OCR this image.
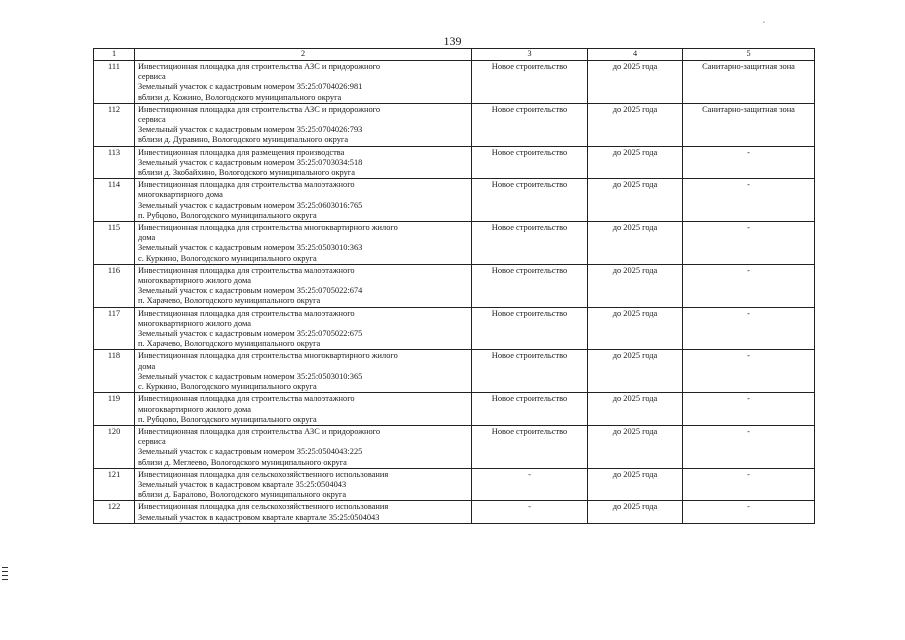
•
139
1	2	3	4	5
111	Инвестиционная площадка для строительства АЗС и придорожного
сервиса
Земельный участок с кадастровым номером 35:25:0704026:981
вблизи д. Кожино, Вологодского муниципального округа	Новое строительство	до 2025 года	Санитарно-защитная зона
112	Инвестиционная площадка для строительства АЗС и придорожного
сервиса
Земельный участок с кадастровым номером 35:25:0704026:793
вблизи д. Дуравино, Вологодского муниципального округа	Новое строительство	до 2025 года	Санитарно-защитная зона
113	Инвестиционная площадка для размещения производства
Земельный участок с кадастровым номером 35:25:0703034:518
вблизи д. Зкобайхино, Вологодского муниципального округа	Новое строительство	до 2025 года	-
114	Инвестиционная площадка для строительства малоэтажного
многоквартирного дома
Земельный участок с кадастровым номером 35:25:0603016:765
п. Рубцово, Вологодского муниципального округа	Новое строительство	до 2025 года	-
115	Инвестиционная площадка для строительства многоквартирного жилого
дома
Земельный участок с кадастровым номером 35:25:0503010:363
с. Куркино, Вологодского муниципального округа	Новое строительство	до 2025 года	-
116	Инвестиционная площадка для строительства малоэтажного
многоквартирного жилого дома
Земельный участок с кадастровым номером 35:25:0705022:674
п. Харачево, Вологодского муниципального округа	Новое строительство	до 2025 года	-
117	Инвестиционная площадка для строительства малоэтажного
многоквартирного жилого дома
Земельный участок с кадастровым номером 35:25:0705022:675
п. Харачево, Вологодского муниципального округа	Новое строительство	до 2025 года	-
118	Инвестиционная площадка для строительства многоквартирного жилого
дома
Земельный участок с кадастровым номером 35:25:0503010:365
с. Куркино, Вологодского муниципального округа	Новое строительство	до 2025 года	-
119	Инвестиционная площадка для строительства малоэтажного
многоквартирного жилого дома
п. Рубцово, Вологодского муниципального округа	Новое строительство	до 2025 года	-
120	Инвестиционная площадка для строительства АЗС и придорожного
сервиса
Земельный участок с кадастровым номером 35:25:0504043:225
вблизи д. Меглеево, Вологодского муниципального округа	Новое строительство	до 2025 года	-
121	Инвестиционная площадка для сельскохозяйственного использования
Земельный участок в кадастровом квартале 35:25:0504043
вблизи д. Баралово, Вологодского муниципального округа	-	до 2025 года	-
122	Инвестиционная площадка для сельскохозяйственного использования
Земельный участок в кадастровом квартале квартале 35:25:0504043	-	до 2025 года	-
